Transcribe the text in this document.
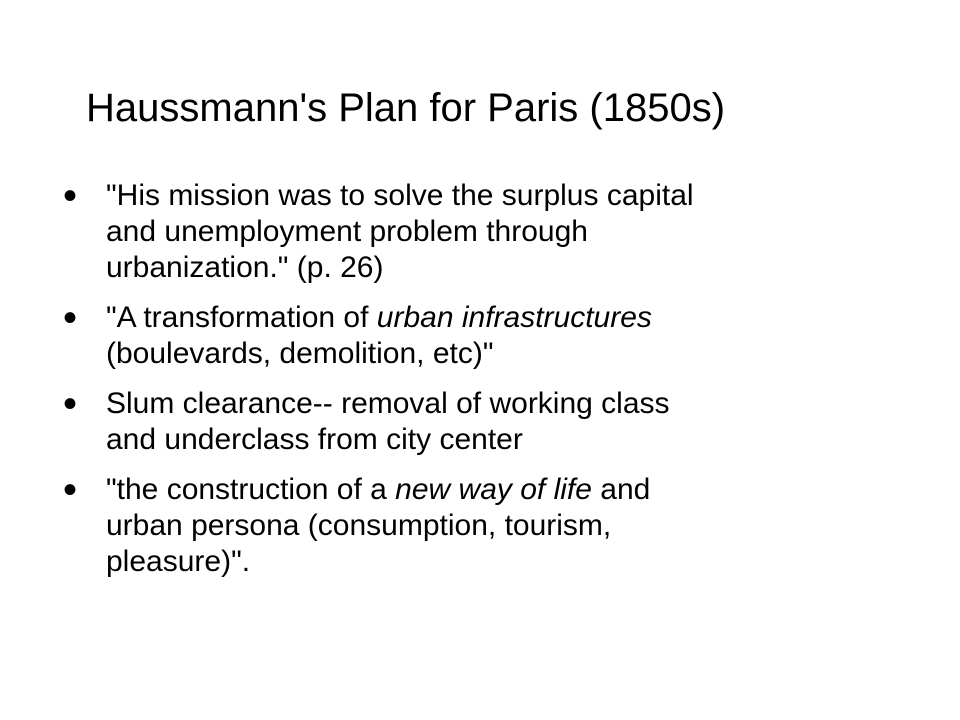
Haussmann's Plan for Paris (1850s)
• "His mission was to solve the surplus capital
and unemployment problem through
urbanization." (p. 26)
• "A transformation of urban infrastructures
(boulevards, demolition, etc)"
• Slum clearance-- removal of working class
and underclass from city center
• "the construction of a new way of life and
urban persona (consumption, tourism,
pleasure)".
